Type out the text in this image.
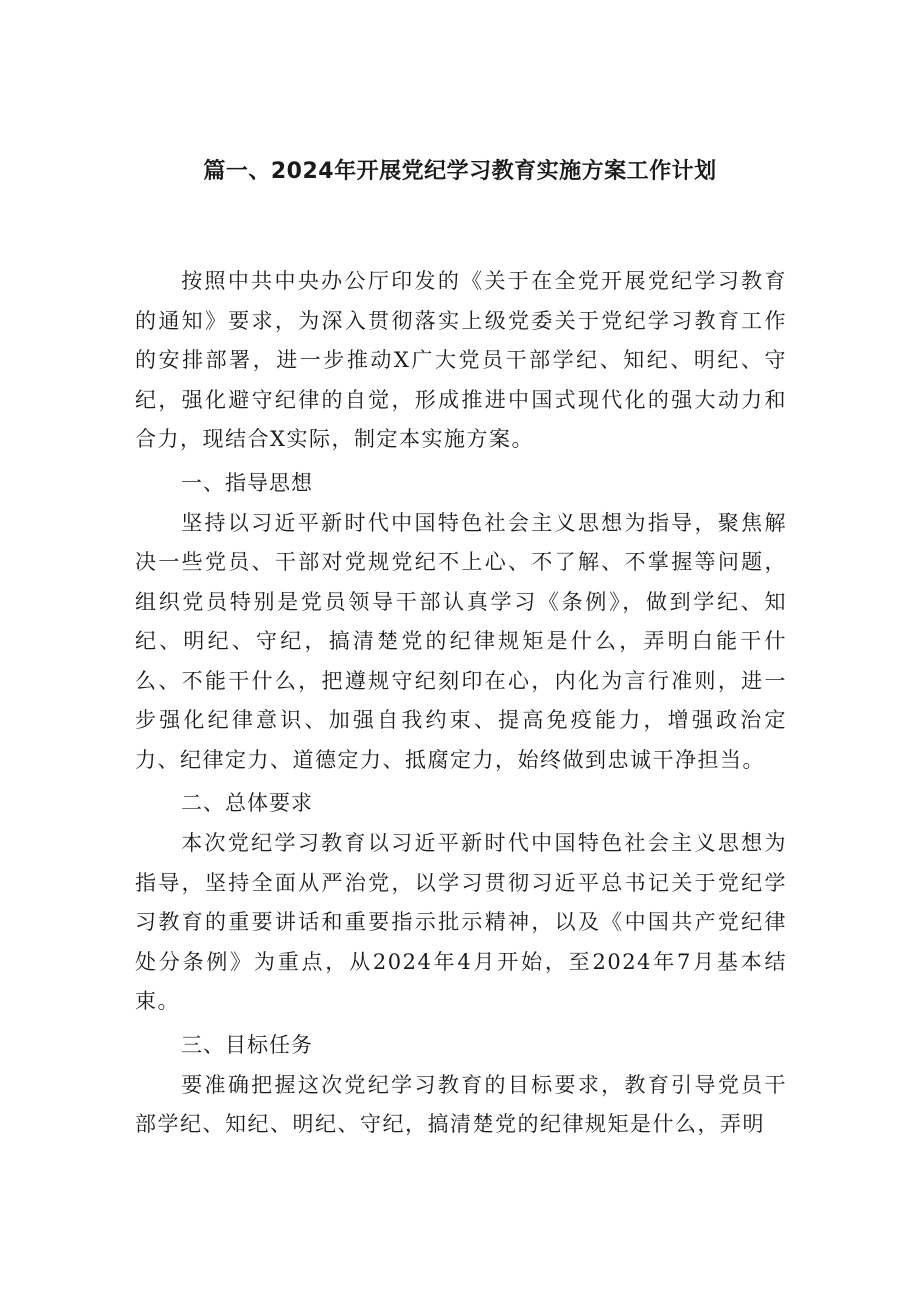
篇一、2024年开展党纪学习教育实施方案工作计划

按照中共中央办公厅印发的《关于在全党开展党纪学习教育的通知》要求，为深入贯彻落实上级党委关于党纪学习教育工作的安排部署，进一步推动X广大党员干部学纪、知纪、明纪、守纪，强化避守纪律的自觉，形成推进中国式现代化的强大动力和合力，现结合X实际，制定本实施方案。

一、指导思想

坚持以习近平新时代中国特色社会主义思想为指导，聚焦解决一些党员、干部对党规党纪不上心、不了解、不掌握等问题，组织党员特别是党员领导干部认真学习《条例》，做到学纪、知纪、明纪、守纪，搞清楚党的纪律规矩是什么，弄明白能干什么、不能干什么，把遵规守纪刻印在心，内化为言行准则，进一步强化纪律意识、加强自我约束、提高免疫能力，增强政治定力、纪律定力、道德定力、抵腐定力，始终做到忠诚干净担当。

二、总体要求

本次党纪学习教育以习近平新时代中国特色社会主义思想为指导，坚持全面从严治党，以学习贯彻习近平总书记关于党纪学习教育的重要讲话和重要指示批示精神，以及《中国共产党纪律处分条例》为重点，从2024年4月开始，至2024年7月基本结束。

三、目标任务

要准确把握这次党纪学习教育的目标要求，教育引导党员干部学纪、知纪、明纪、守纪，搞清楚党的纪律规矩是什么，弄明
